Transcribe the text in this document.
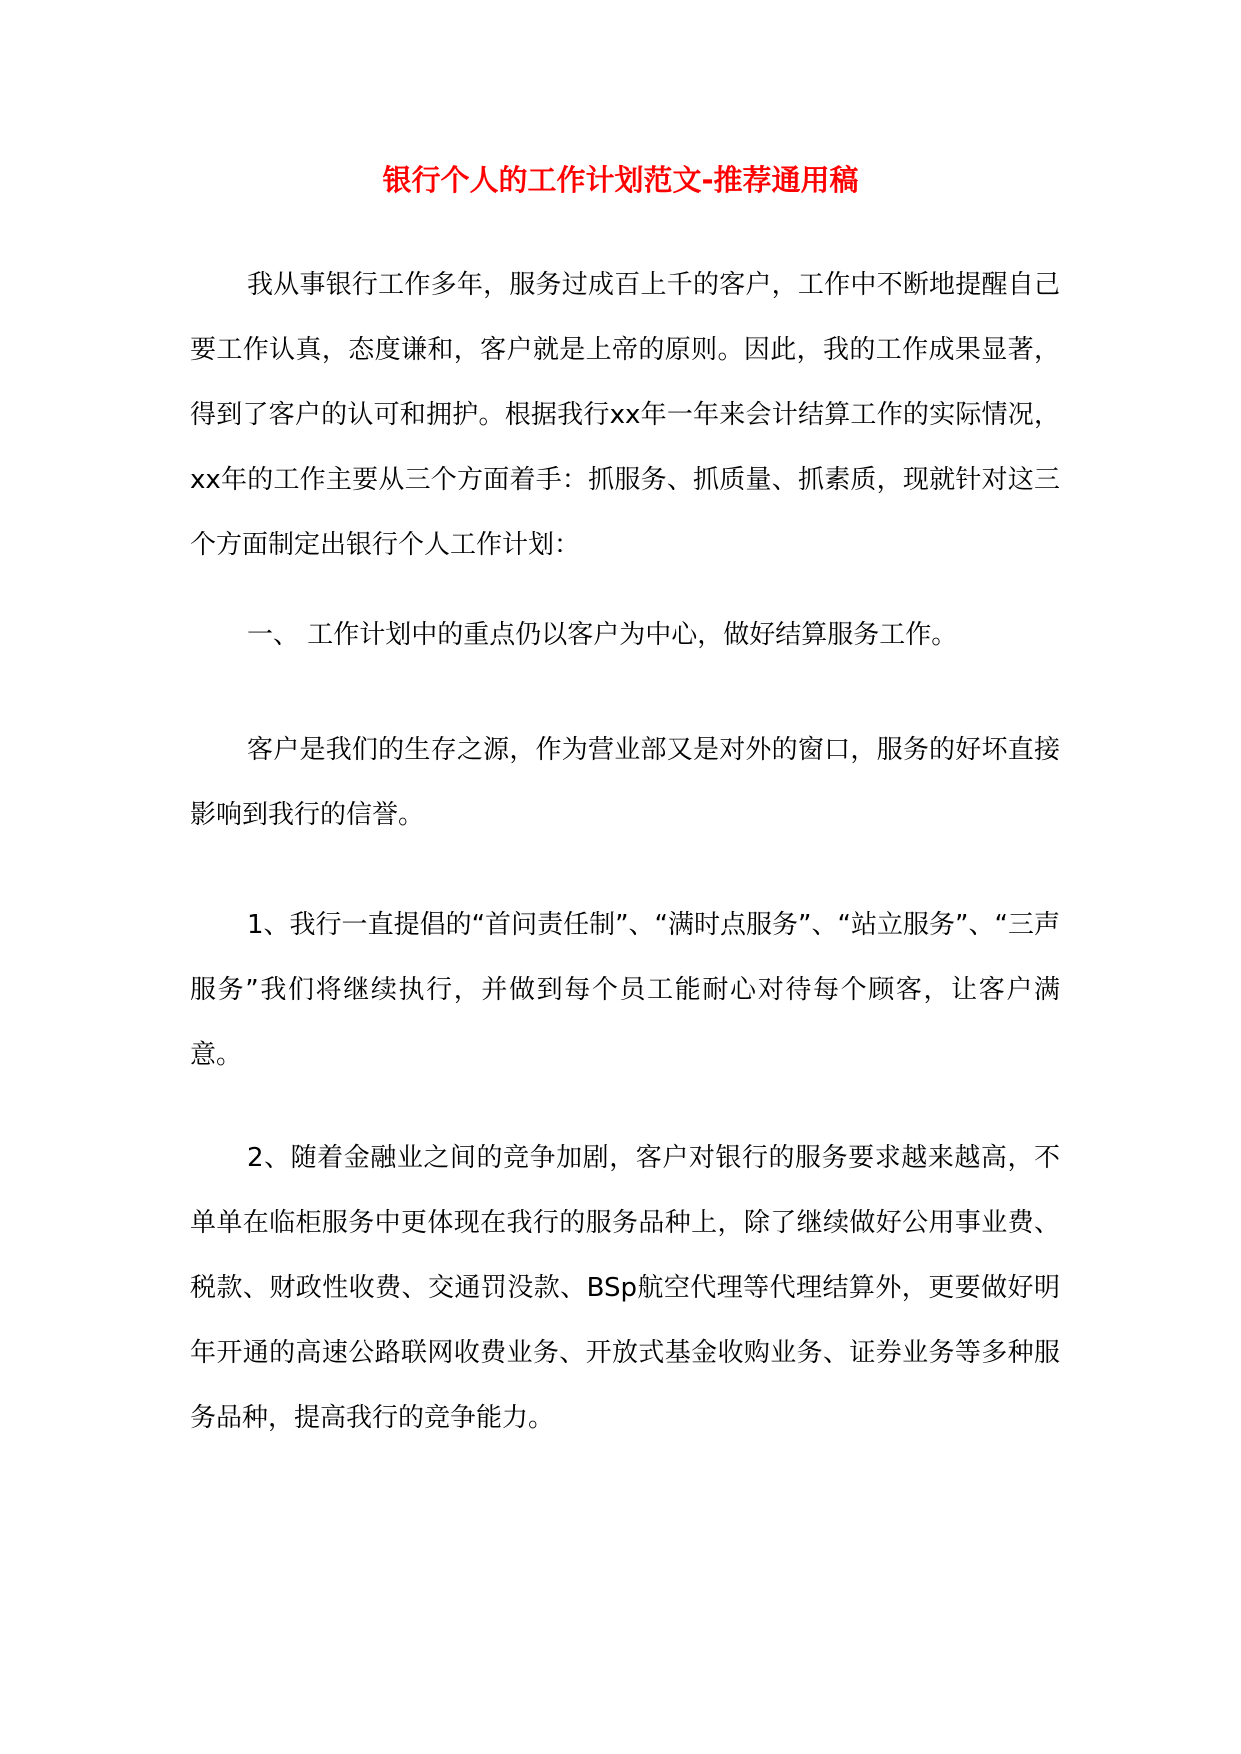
银行个人的工作计划范文-推荐通用稿

我从事银行工作多年，服务过成百上千的客户，工作中不断地提醒自己要工作认真，态度谦和，客户就是上帝的原则。因此，我的工作成果显著，得到了客户的认可和拥护。根据我行xx年一年来会计结算工作的实际情况，xx年的工作主要从三个方面着手：抓服务、抓质量、抓素质，现就针对这三个方面制定出银行个人工作计划：

一、 工作计划中的重点仍以客户为中心，做好结算服务工作。

客户是我们的生存之源，作为营业部又是对外的窗口，服务的好坏直接影响到我行的信誉。

1、我行一直提倡的“首问责任制”、“满时点服务”、“站立服务”、“三声服务”我们将继续执行，并做到每个员工能耐心对待每个顾客，让客户满意。

2、随着金融业之间的竞争加剧，客户对银行的服务要求越来越高，不单单在临柜服务中更体现在我行的服务品种上，除了继续做好公用事业费、税款、财政性收费、交通罚没款、BSp航空代理等代理结算外，更要做好明年开通的高速公路联网收费业务、开放式基金收购业务、证券业务等多种服务品种，提高我行的竞争能力。
